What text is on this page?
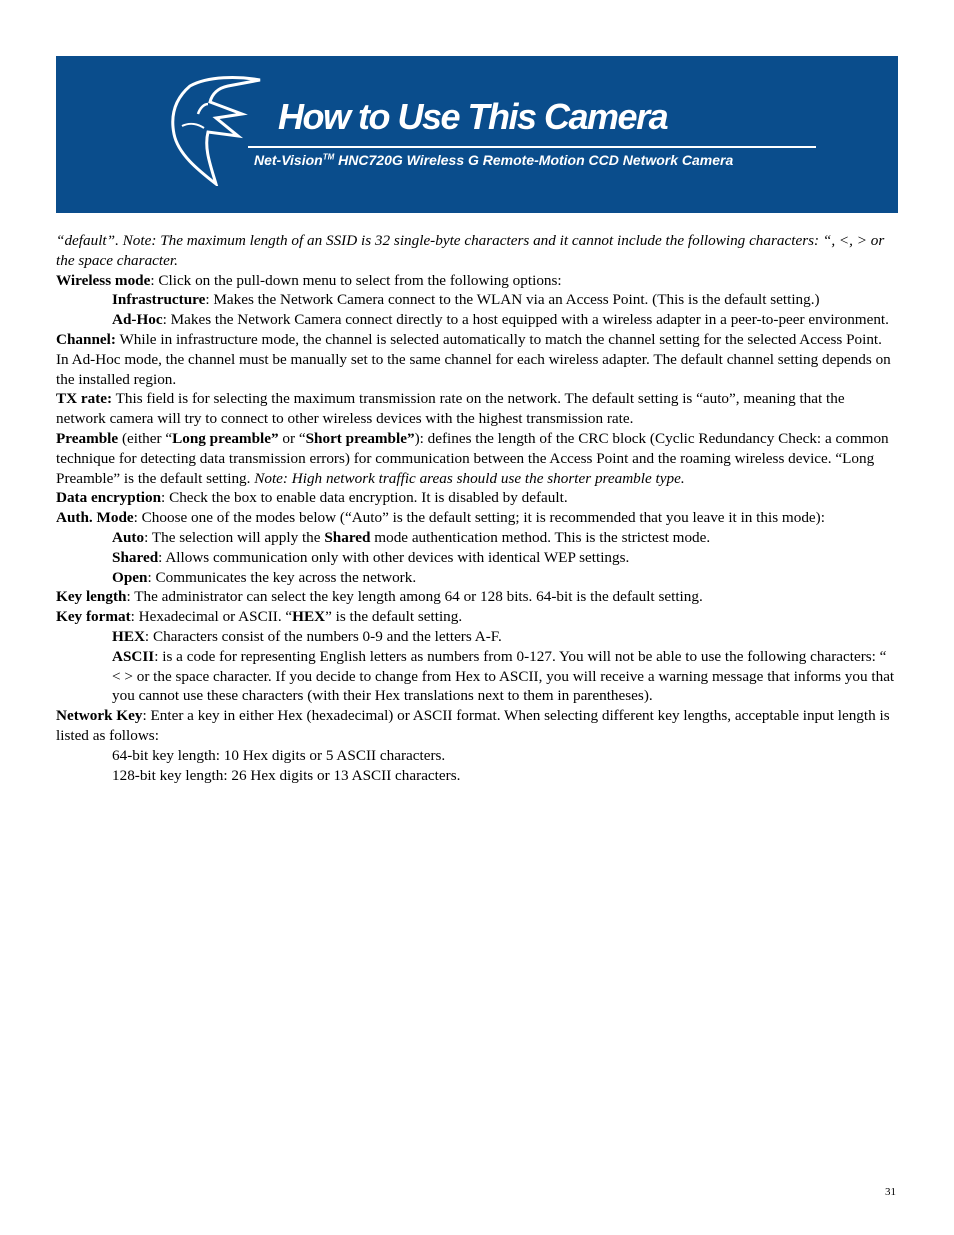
How to Use This Camera
Net-Vision™ HNC720G Wireless G Remote-Motion CCD Network Camera

“default”. Note: The maximum length of an SSID is 32 single-byte characters and it cannot include the following characters: “, <, > or the space character.

Wireless mode: Click on the pull-down menu to select from the following options:

Infrastructure: Makes the Network Camera connect to the WLAN via an Access Point. (This is the default setting.)

Ad-Hoc: Makes the Network Camera connect directly to a host equipped with a wireless adapter in a peer-to-peer environment.

Channel: While in infrastructure mode, the channel is selected automatically to match the channel setting for the selected Access Point. In Ad-Hoc mode, the channel must be manually set to the same channel for each wireless adapter. The default channel setting depends on the installed region.

TX rate: This field is for selecting the maximum transmission rate on the network. The default setting is “auto”, meaning that the network camera will try to connect to other wireless devices with the highest transmission rate.

Preamble (either “Long preamble” or “Short preamble”): defines the length of the CRC block (Cyclic Redundancy Check: a common technique for detecting data transmission errors) for communication between the Access Point and the roaming wireless device. “Long Preamble” is the default setting. Note: High network traffic areas should use the shorter preamble type.

Data encryption: Check the box to enable data encryption. It is disabled by default.

Auth. Mode: Choose one of the modes below (“Auto” is the default setting; it is recommended that you leave it in this mode):

Auto: The selection will apply the Shared mode authentication method. This is the strictest mode.

Shared: Allows communication only with other devices with identical WEP settings.

Open: Communicates the key across the network.

Key length: The administrator can select the key length among 64 or 128 bits. 64-bit is the default setting.

Key format: Hexadecimal or ASCII. “HEX” is the default setting.

HEX: Characters consist of the numbers 0-9 and the letters A-F.

ASCII: is a code for representing English letters as numbers from 0-127. You will not be able to use the following characters: “ < > or the space character. If you decide to change from Hex to ASCII, you will receive a warning message that informs you that you cannot use these characters (with their Hex translations next to them in parentheses).

Network Key: Enter a key in either Hex (hexadecimal) or ASCII format. When selecting different key lengths, acceptable input length is listed as follows:

64-bit key length: 10 Hex digits or 5 ASCII characters.

128-bit key length: 26 Hex digits or 13 ASCII characters.

31
